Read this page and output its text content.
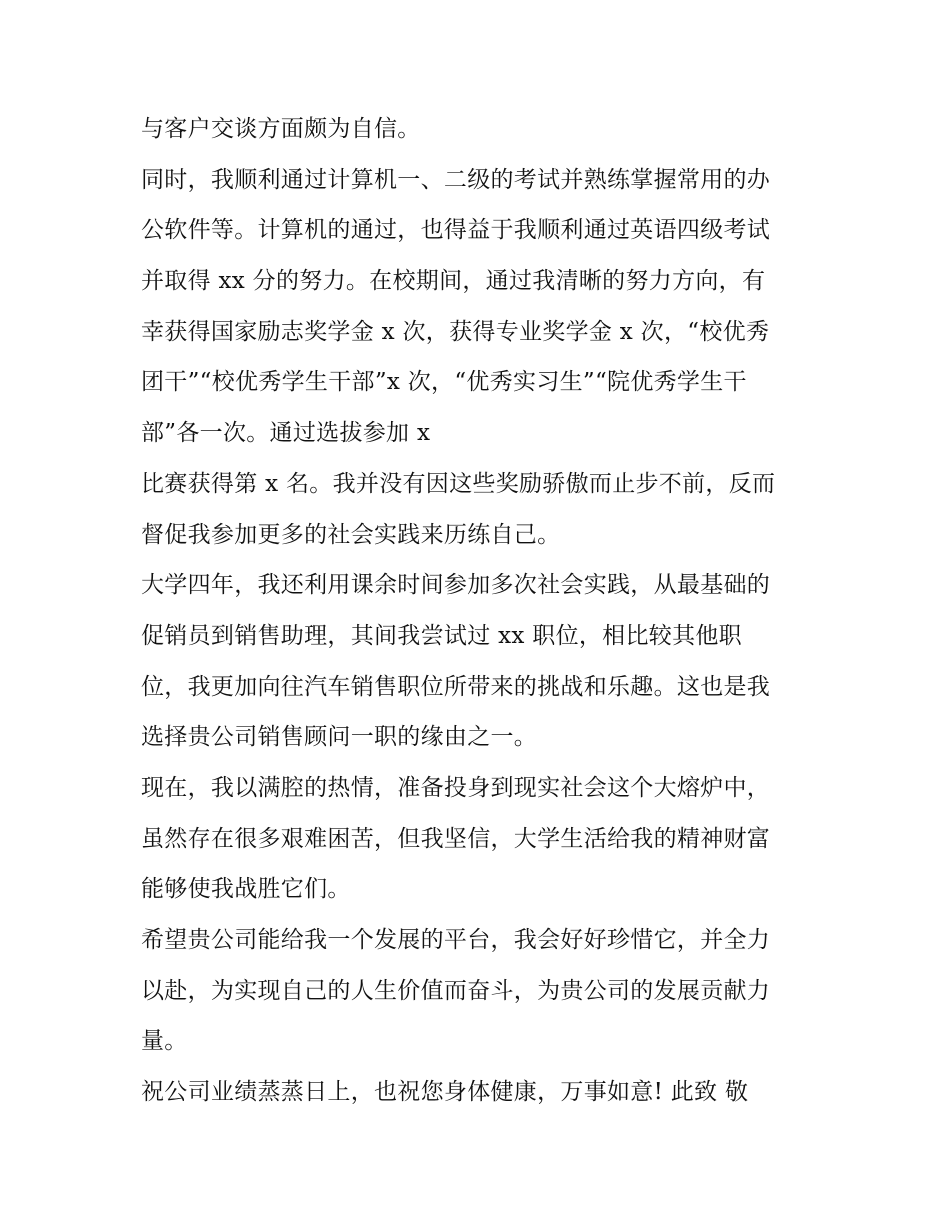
与客户交谈方面颇为自信。
同时，我顺利通过计算机一、二级的考试并熟练掌握常用的办
公软件等。计算机的通过，也得益于我顺利通过英语四级考试
并取得 xx 分的努力。在校期间，通过我清晰的努力方向，有
幸获得国家励志奖学金 x 次，获得专业奖学金 x 次，“校优秀
团干”“校优秀学生干部”x 次，“优秀实习生”“院优秀学生干
部”各一次。通过选拔参加 x
比赛获得第 x 名。我并没有因这些奖励骄傲而止步不前，反而
督促我参加更多的社会实践来历练自己。
大学四年，我还利用课余时间参加多次社会实践，从最基础的
促销员到销售助理，其间我尝试过 xx 职位，相比较其他职
位，我更加向往汽车销售职位所带来的挑战和乐趣。这也是我
选择贵公司销售顾问一职的缘由之一。
现在，我以满腔的热情，准备投身到现实社会这个大熔炉中，
虽然存在很多艰难困苦，但我坚信，大学生活给我的精神财富
能够使我战胜它们。
希望贵公司能给我一个发展的平台，我会好好珍惜它，并全力
以赴，为实现自己的人生价值而奋斗，为贵公司的发展贡献力
量。
祝公司业绩蒸蒸日上，也祝您身体健康，万事如意! 此致 敬
